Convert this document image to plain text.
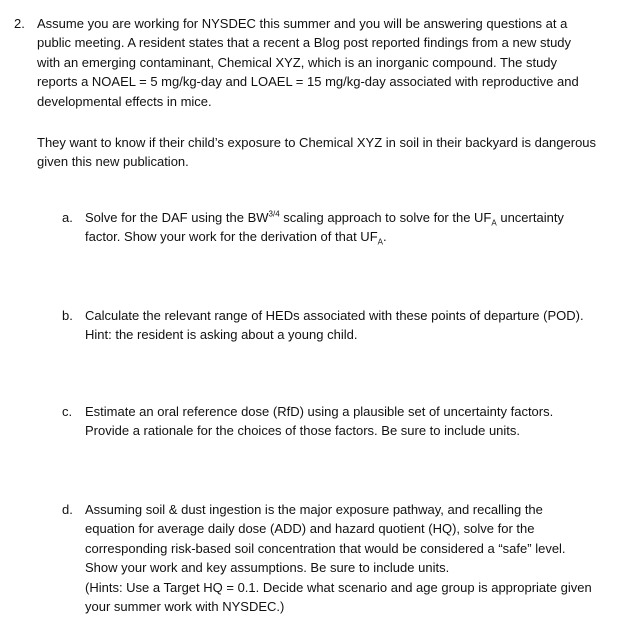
2. Assume you are working for NYSDEC this summer and you will be answering questions at a
public meeting. A resident states that a recent a Blog post reported findings from a new study
with an emerging contaminant, Chemical XYZ, which is an inorganic compound. The study
reports a NOAEL = 5 mg/kg-day and LOAEL = 15 mg/kg-day associated with reproductive and
developmental effects in mice.
They want to know if their child’s exposure to Chemical XYZ in soil in their backyard is dangerous
given this new publication.
a. Solve for the DAF using the $BW^{3/4}$ scaling approach to solve for the $UF_A$ uncertainty
factor. Show your work for the derivation of that $UF_A$.
b. Calculate the relevant range of HEDs associated with these points of departure (POD).
Hint: the resident is asking about a young child.
c. Estimate an oral reference dose (RfD) using a plausible set of uncertainty factors.
Provide a rationale for the choices of those factors. Be sure to include units.
d. Assuming soil & dust ingestion is the major exposure pathway, and recalling the
equation for average daily dose (ADD) and hazard quotient (HQ), solve for the
corresponding risk-based soil concentration that would be considered a “safe” level.
Show your work and key assumptions. Be sure to include units.
(Hints: Use a Target HQ = 0.1. Decide what scenario and age group is appropriate given
your summer work with NYSDEC.)
